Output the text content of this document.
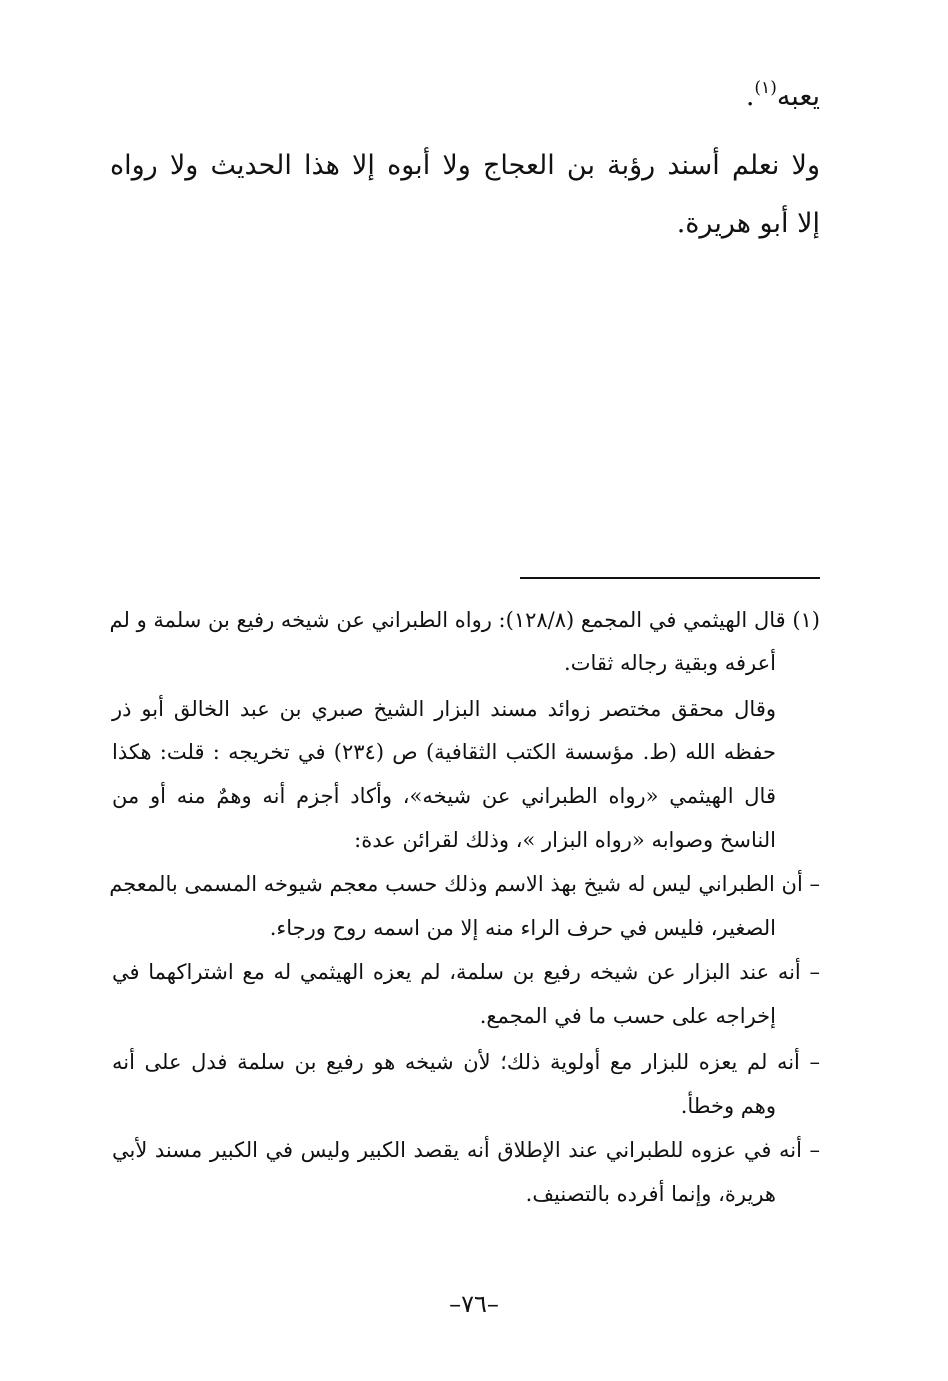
يعبه$^{(١)}$.
ولا نعلم أسند رؤبة بن العجاج ولا أبوه إلا هذا الحديث ولا رواه
إلا أبو هريرة.
(١) قال الهيثمي في المجمع (١٢٨/٨): رواه الطبراني عن شيخه رفيع بن سلمة و لم
أعرفه وبقية رجاله ثقات.
وقال محقق مختصر زوائد مسند البزار الشيخ صبري بن عبد الخالق أبو ذر
حفظه الله (ط. مؤسسة الكتب الثقافية) ص (٢٣٤) في تخريجه : قلت: هكذا
قال الهيثمي «رواه الطبراني عن شيخه»، وأكاد أجزم أنه وهمٌ منه أو من
الناسخ وصوابه «رواه البزار »، وذلك لقرائن عدة:
– أن الطبراني ليس له شيخ بهذ الاسم وذلك حسب معجم شيوخه المسمى بالمعجم
الصغير، فليس في حرف الراء منه إلا من اسمه روح ورجاء.
– أنه عند البزار عن شيخه رفيع بن سلمة، لم يعزه الهيثمي له مع اشتراكهما في
إخراجه على حسب ما في المجمع.
– أنه لم يعزه للبزار مع أولوية ذلك؛ لأن شيخه هو رفيع بن سلمة فدل على أنه
وهم وخطأ.
– أنه في عزوه للطبراني عند الإطلاق أنه يقصد الكبير وليس في الكبير مسند لأبي
هريرة، وإنما أفرده بالتصنيف.
–٧٦–
